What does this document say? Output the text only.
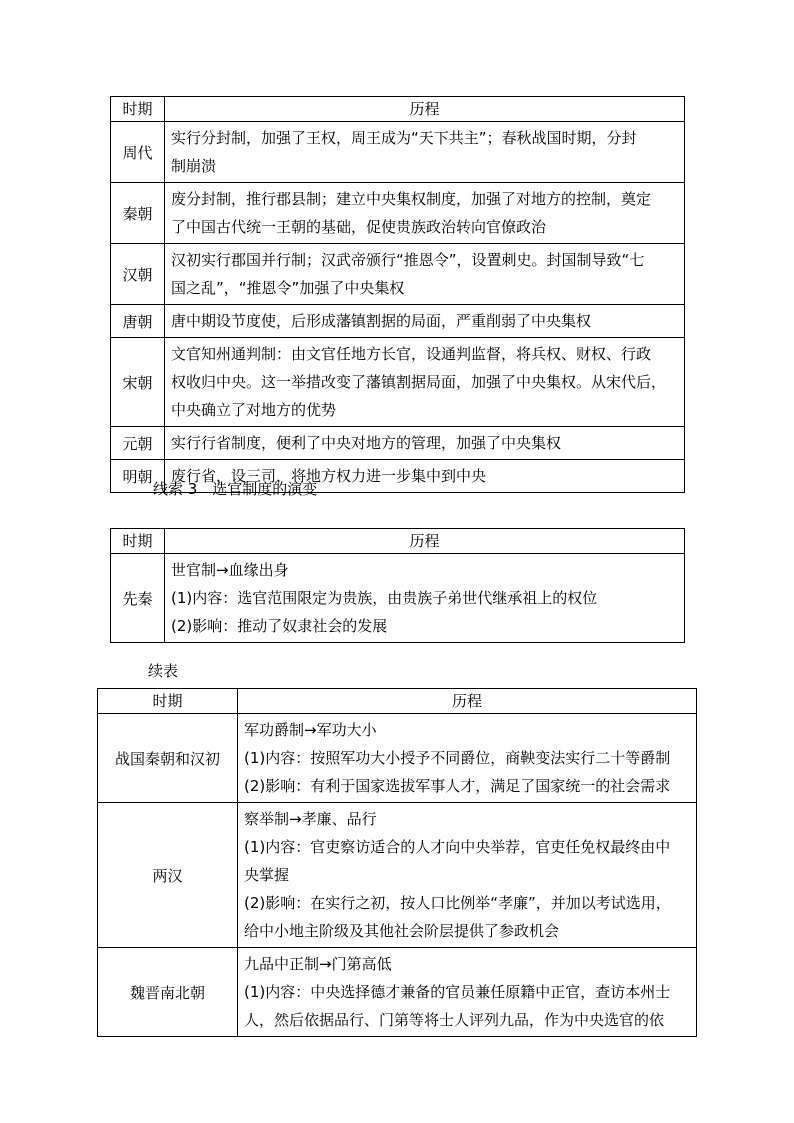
时期	历程
周代	实行分封制，加强了王权，周王成为“天下共主”；春秋战国时期，分封
制崩溃

秦朝	废分封制，推行郡县制；建立中央集权制度，加强了对地方的控制，奠定
了中国古代统一王朝的基础，促使贵族政治转向官僚政治

汉朝	汉初实行郡国并行制；汉武帝颁行“推恩令”，设置刺史。封国制导致“七
国之乱”，“推恩令”加强了中央集权

唐朝	唐中期设节度使，后形成藩镇割据的局面，严重削弱了中央集权

宋朝	文官知州通判制：由文官任地方长官，设通判监督，将兵权、财权、行政
权收归中央。这一举措改变了藩镇割据局面，加强了中央集权。从宋代后，
中央确立了对地方的优势

元朝	实行行省制度，便利了中央对地方的管理，加强了中央集权

明朝	废行省，设三司，将地方权力进一步集中到中央
线索 3　选官制度的演变
时期	历程
先秦	世官制→血缘出身
(1)内容：选官范围限定为贵族，由贵族子弟世代继承祖上的权位
(2)影响：推动了奴隶社会的发展
续表
时期	历程
战国秦朝和汉初	军功爵制→军功大小
(1)内容：按照军功大小授予不同爵位，商鞅变法实行二十等爵制
(2)影响：有利于国家选拔军事人才，满足了国家统一的社会需求

两汉	察举制→孝廉、品行
(1)内容：官吏察访适合的人才向中央举荐，官吏任免权最终由中
央掌握
(2)影响：在实行之初，按人口比例举“孝廉”，并加以考试选用，
给中小地主阶级及其他社会阶层提供了参政机会

魏晋南北朝	九品中正制→门第高低
(1)内容：中央选择德才兼备的官员兼任原籍中正官，查访本州士
人，然后依据品行、门第等将士人评列九品，作为中央选官的依
